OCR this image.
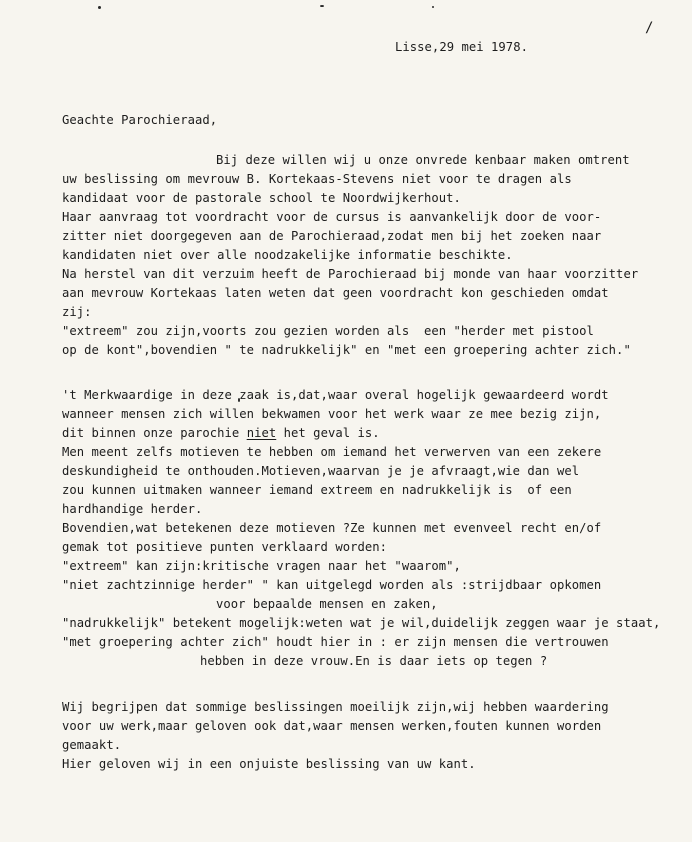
/
Lisse,29 mei 1978.
Geachte Parochieraad,
Bij deze willen wij u onze onvrede kenbaar maken omtrent
uw beslissing om mevrouw B. Kortekaas-Stevens niet voor te dragen als
kandidaat voor de pastorale school te Noordwijkerhout.
Haar aanvraag tot voordracht voor de cursus is aanvankelijk door de voor-
zitter niet doorgegeven aan de Parochieraad,zodat men bij het zoeken naar
kandidaten niet over alle noodzakelijke informatie beschikte.
Na herstel van dit verzuim heeft de Parochieraad bij monde van haar voorzitter
aan mevrouw Kortekaas laten weten dat geen voordracht kon geschieden omdat
zij:
"extreem" zou zijn,voorts zou gezien worden als  een "herder met pistool
op de kont",bovendien " te nadrukkelijk" en "met een groepering achter zich."
't Merkwaardige in deze zaak is,dat,waar overal hogelijk gewaardeerd wordt
wanneer mensen zich willen bekwamen voor het werk waar ze mee bezig zijn,
dit binnen onze parochie niet het geval is.
Men meent zelfs motieven te hebben om iemand het verwerven van een zekere
deskundigheid te onthouden.Motieven,waarvan je je afvraagt,wie dan wel
zou kunnen uitmaken wanneer iemand extreem en nadrukkelijk is  of een
hardhandige herder.
Bovendien,wat betekenen deze motieven ?Ze kunnen met evenveel recht en/of
gemak tot positieve punten verklaard worden:
"extreem" kan zijn:kritische vragen naar het "waarom",
"niet zachtzinnige herder" " kan uitgelegd worden als :strijdbaar opkomen
voor bepaalde mensen en zaken,
"nadrukkelijk" betekent mogelijk:weten wat je wil,duidelijk zeggen waar je staat,
"met groepering achter zich" houdt hier in : er zijn mensen die vertrouwen
hebben in deze vrouw.En is daar iets op tegen ?
Wij begrijpen dat sommige beslissingen moeilijk zijn,wij hebben waardering
voor uw werk,maar geloven ook dat,waar mensen werken,fouten kunnen worden
gemaakt.
Hier geloven wij in een onjuiste beslissing van uw kant.
